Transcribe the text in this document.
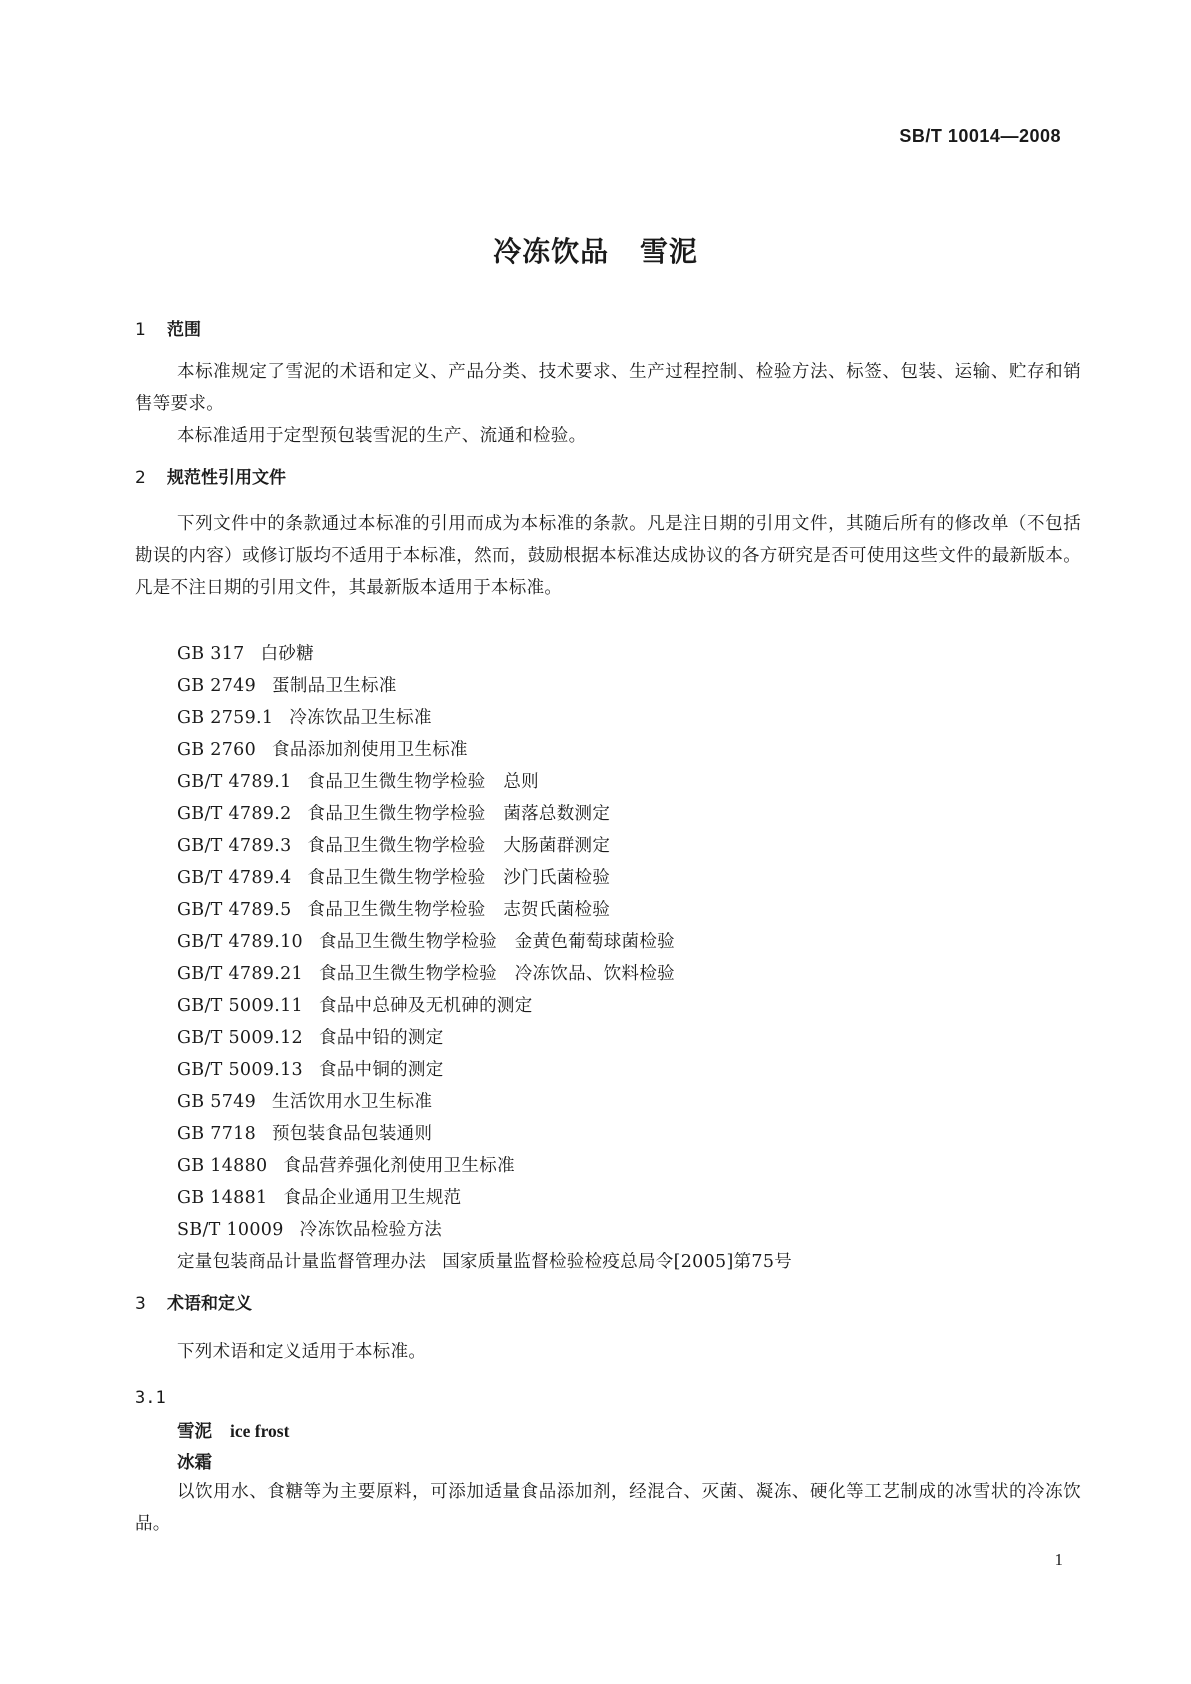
SB/T 10014—2008
冷冻饮品 雪泥
1 范围
本标准规定了雪泥的术语和定义、产品分类、技术要求、生产过程控制、检验方法、标签、包装、运输、贮存和销售等要求。
本标准适用于定型预包装雪泥的生产、流通和检验。
2 规范性引用文件
下列文件中的条款通过本标准的引用而成为本标准的条款。凡是注日期的引用文件，其随后所有的修改单（不包括勘误的内容）或修订版均不适用于本标准，然而，鼓励根据本标准达成协议的各方研究是否可使用这些文件的最新版本。凡是不注日期的引用文件，其最新版本适用于本标准。
GB 317 白砂糖
GB 2749 蛋制品卫生标准
GB 2759.1 冷冻饮品卫生标准
GB 2760 食品添加剂使用卫生标准
GB/T 4789.1 食品卫生微生物学检验　总则
GB/T 4789.2 食品卫生微生物学检验　菌落总数测定
GB/T 4789.3 食品卫生微生物学检验　大肠菌群测定
GB/T 4789.4 食品卫生微生物学检验　沙门氏菌检验
GB/T 4789.5 食品卫生微生物学检验　志贺氏菌检验
GB/T 4789.10 食品卫生微生物学检验　金黄色葡萄球菌检验
GB/T 4789.21 食品卫生微生物学检验　冷冻饮品、饮料检验
GB/T 5009.11 食品中总砷及无机砷的测定
GB/T 5009.12 食品中铅的测定
GB/T 5009.13 食品中铜的测定
GB 5749 生活饮用水卫生标准
GB 7718 预包装食品包装通则
GB 14880 食品营养强化剂使用卫生标准
GB 14881 食品企业通用卫生规范
SB/T 10009 冷冻饮品检验方法
定量包装商品计量监督管理办法 国家质量监督检验检疫总局令[2005]第75号
3 术语和定义
下列术语和定义适用于本标准。
3.1
雪泥 ice frost
冰霜
以饮用水、食糖等为主要原料，可添加适量食品添加剂，经混合、灭菌、凝冻、硬化等工艺制成的冰雪状的冷冻饮品。
1
